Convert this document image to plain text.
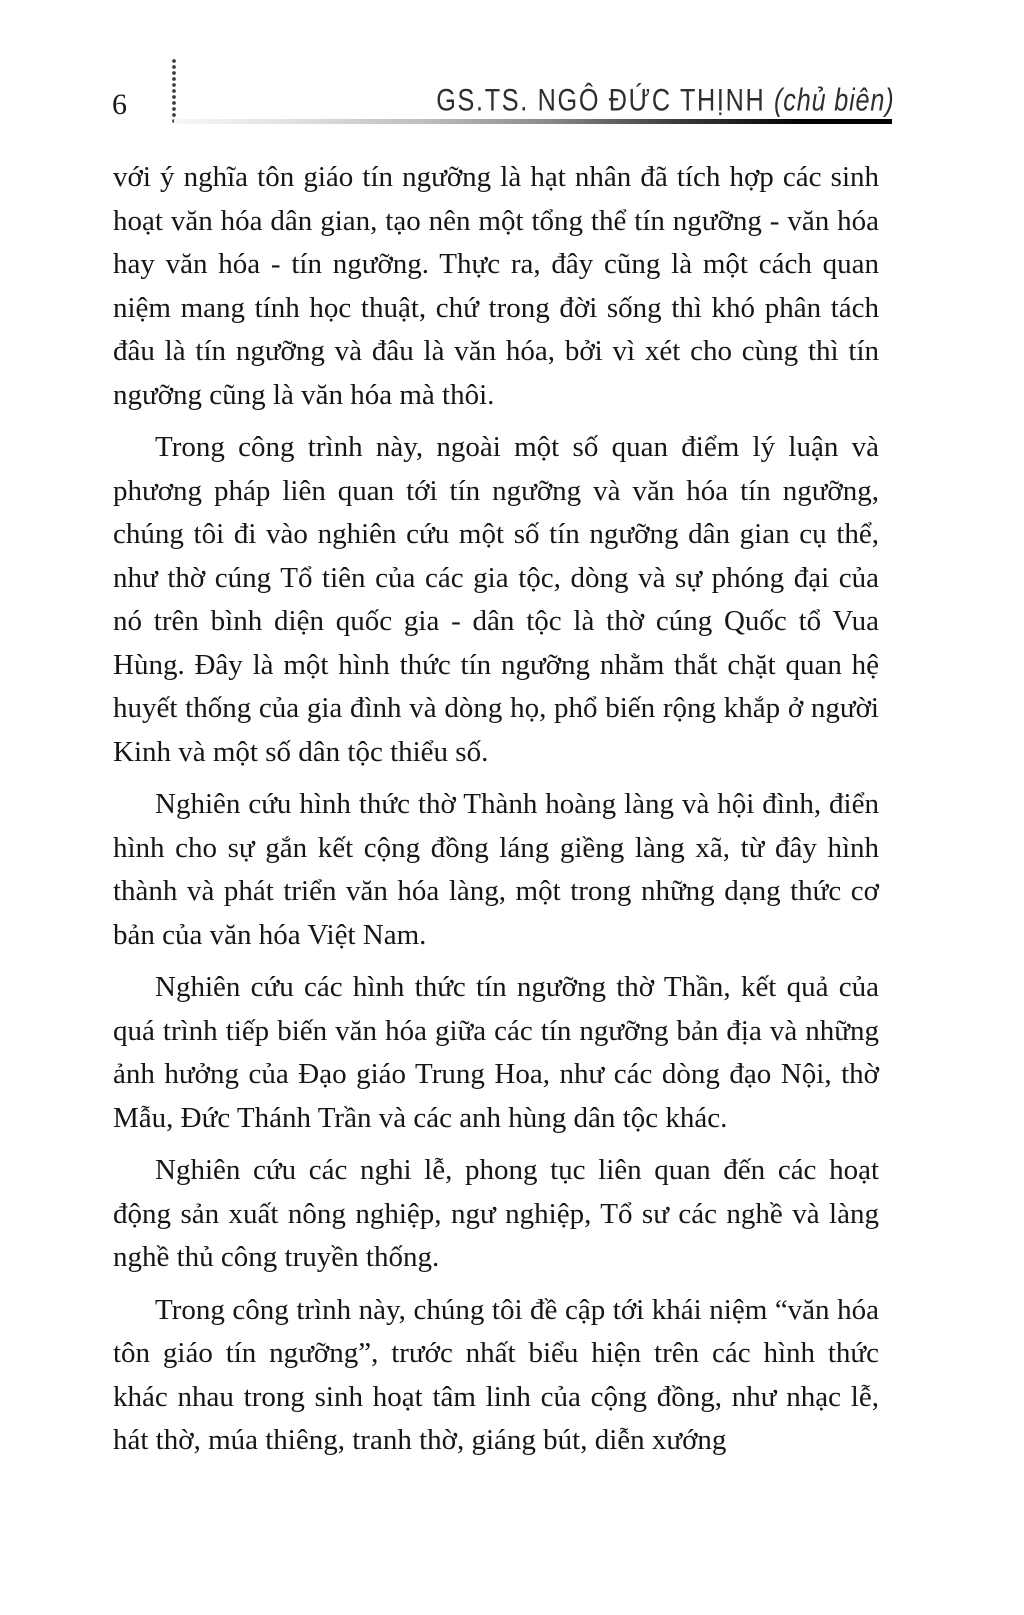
6	GS.TS. NGÔ ĐỨC THỊNH (chủ biên)

với ý nghĩa tôn giáo tín ngưỡng là hạt nhân đã tích hợp các sinh hoạt văn hóa dân gian, tạo nên một tổng thể tín ngưỡng - văn hóa hay văn hóa - tín ngưỡng. Thực ra, đây cũng là một cách quan niệm mang tính học thuật, chứ trong đời sống thì khó phân tách đâu là tín ngưỡng và đâu là văn hóa, bởi vì xét cho cùng thì tín ngưỡng cũng là văn hóa mà thôi.

Trong công trình này, ngoài một số quan điểm lý luận và phương pháp liên quan tới tín ngưỡng và văn hóa tín ngưỡng, chúng tôi đi vào nghiên cứu một số tín ngưỡng dân gian cụ thể, như thờ cúng Tổ tiên của các gia tộc, dòng và sự phóng đại của nó trên bình diện quốc gia - dân tộc là thờ cúng Quốc tổ Vua Hùng. Đây là một hình thức tín ngưỡng nhằm thắt chặt quan hệ huyết thống của gia đình và dòng họ, phổ biến rộng khắp ở người Kinh và một số dân tộc thiểu số.

Nghiên cứu hình thức thờ Thành hoàng làng và hội đình, điển hình cho sự gắn kết cộng đồng láng giềng làng xã, từ đây hình thành và phát triển văn hóa làng, một trong những dạng thức cơ bản của văn hóa Việt Nam.

Nghiên cứu các hình thức tín ngưỡng thờ Thần, kết quả của quá trình tiếp biến văn hóa giữa các tín ngưỡng bản địa và những ảnh hưởng của Đạo giáo Trung Hoa, như các dòng đạo Nội, thờ Mẫu, Đức Thánh Trần và các anh hùng dân tộc khác.

Nghiên cứu các nghi lễ, phong tục liên quan đến các hoạt động sản xuất nông nghiệp, ngư nghiệp, Tổ sư các nghề và làng nghề thủ công truyền thống.

Trong công trình này, chúng tôi đề cập tới khái niệm “văn hóa tôn giáo tín ngưỡng”, trước nhất biểu hiện trên các hình thức khác nhau trong sinh hoạt tâm linh của cộng đồng, như nhạc lễ, hát thờ, múa thiêng, tranh thờ, giáng bút, diễn xướng
